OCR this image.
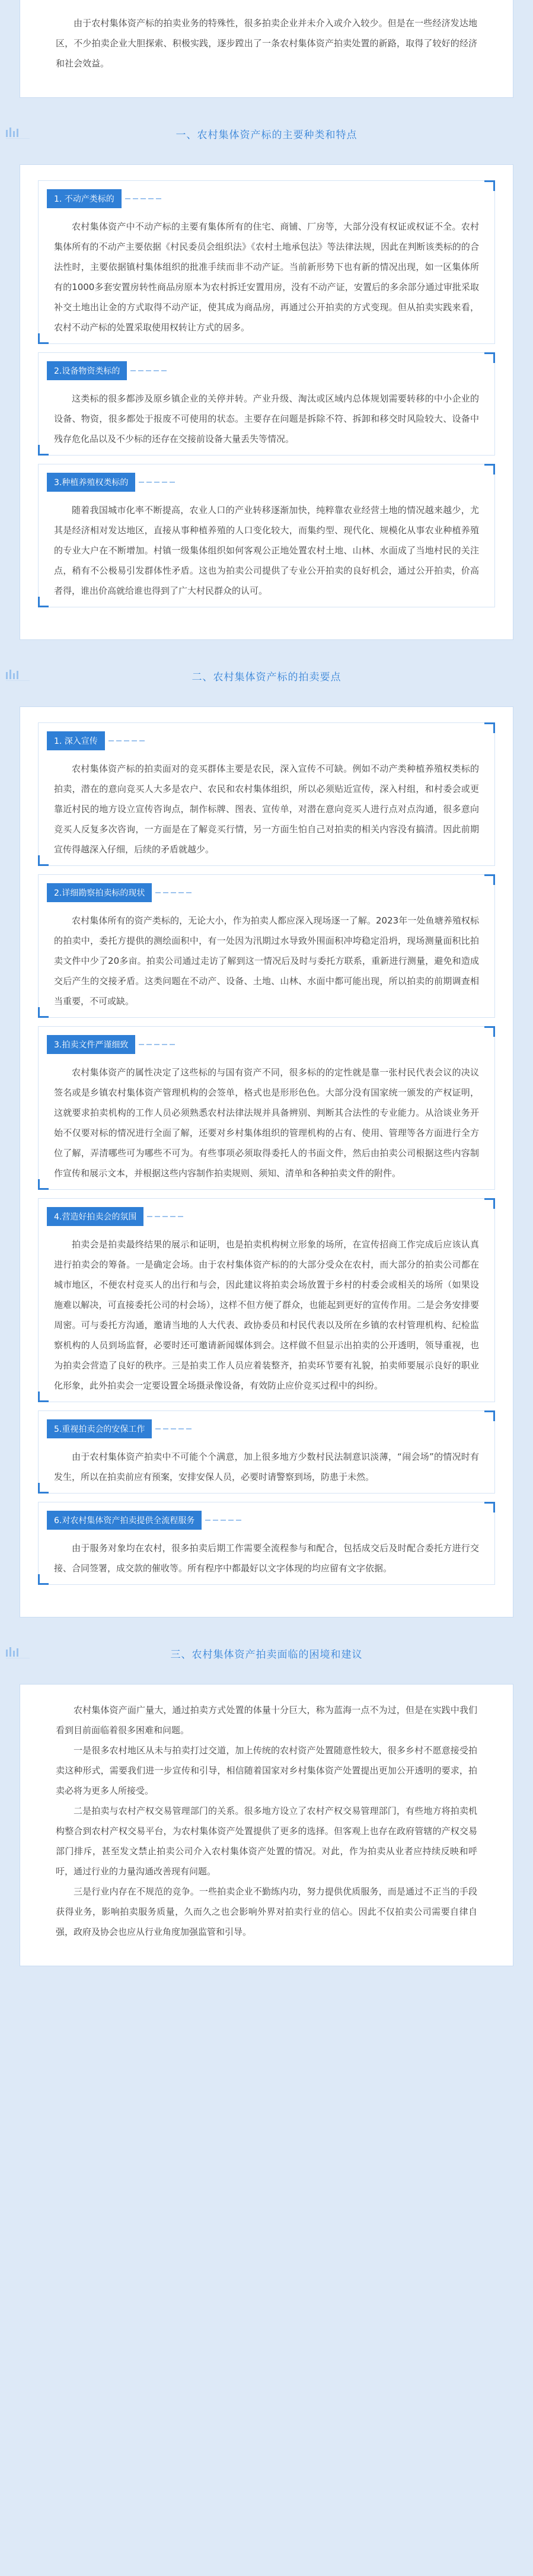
由于农村集体资产标的拍卖业务的特殊性，很多拍卖企业并未介入或介入较少。但是在一些经济发达地区，不少拍卖企业大胆探索、积极实践，逐步蹚出了一条农村集体资产拍卖处置的新路，取得了较好的经济和社会效益。

一、农村集体资产标的主要种类和特点
1. 不动产类标的

农村集体资产中不动产标的主要有集体所有的住宅、商铺、厂房等，大部分没有权证或权证不全。农村集体所有的不动产主要依据《村民委员会组织法》《农村土地承包法》等法律法规，因此在判断该类标的的合法性时，主要依据镇村集体组织的批准手续而非不动产证。当前新形势下也有新的情况出现，如一区集体所有的1000多套安置房转性商品房原本为农村拆迁安置用房，没有不动产证，安置后的多余部分通过审批采取补交土地出让金的方式取得不动产证，使其成为商品房，再通过公开拍卖的方式变现。但从拍卖实践来看，农村不动产标的处置采取使用权转让方式的居多。

2.设备物资类标的

这类标的很多都涉及原乡镇企业的关停并转。产业升级、淘汰或区域内总体规划需要转移的中小企业的设备、物资，很多都处于报废不可使用的状态。主要存在问题是拆除不符、拆卸和移交时风险较大、设备中残存危化品以及不少标的还存在交接前设备大量丢失等情况。

3.种植养殖权类标的

随着我国城市化率不断提高，农业人口的产业转移逐渐加快，纯粹靠农业经营土地的情况越来越少，尤其是经济相对发达地区，直接从事种植养殖的人口变化较大，而集约型、现代化、规模化从事农业种植养殖的专业大户在不断增加。村镇一级集体组织如何客观公正地处置农村土地、山林、水面成了当地村民的关注点，稍有不公极易引发群体性矛盾。这也为拍卖公司提供了专业公开拍卖的良好机会，通过公开拍卖，价高者得，谁出价高就给谁也得到了广大村民群众的认可。

二、农村集体资产标的拍卖要点
1. 深入宣传

农村集体资产标的拍卖面对的竞买群体主要是农民，深入宣传不可缺。例如不动产类种植养殖权类标的拍卖，潜在的意向竞买人大多是农户、农民和农村集体组织，所以必须贴近宣传，深入村组，和村委会或更靠近村民的地方设立宣传咨询点，制作标牌、图表、宣传单，对潜在意向竞买人进行点对点沟通，很多意向竞买人反复多次咨询，一方面是在了解竞买行情，另一方面生怕自己对拍卖的相关内容没有搞清。因此前期宣传得越深入仔细，后续的矛盾就越少。

2.详细勘察拍卖标的现状

农村集体所有的资产类标的，无论大小，作为拍卖人都应深入现场逐一了解。2023年一处鱼塘养殖权标的拍卖中，委托方提供的测绘面积中，有一处因为汛期过水导致外围面积冲垮稳定沿坍，现场测量面积比拍卖文件中少了20多亩。拍卖公司通过走访了解到这一情况后及时与委托方联系，重新进行测量，避免和造成交后产生的交接矛盾。这类问题在不动产、设备、土地、山林、水面中都可能出现，所以拍卖的前期调查相当重要，不可或缺。

3.拍卖文件严谨细致

农村集体资产的属性决定了这些标的与国有资产不同，很多标的的定性就是靠一张村民代表会议的决议签名或是乡镇农村集体资产管理机构的会签单，格式也是形形色色。大部分没有国家统一颁发的产权证明，这就要求拍卖机构的工作人员必须熟悉农村法律法规并具备辨别、判断其合法性的专业能力。从洽谈业务开始不仅要对标的情况进行全面了解，还要对乡村集体组织的管理机构的占有、使用、管理等各方面进行全方位了解，弄清哪些可为哪些不可为。有些事项必须取得委托人的书面文件，然后由拍卖公司根据这些内容制作宣传和展示文本，并根据这些内容制作拍卖规则、须知、清单和各种拍卖文件的附件。

4.营造好拍卖会的氛围

拍卖会是拍卖最终结果的展示和证明，也是拍卖机构树立形象的场所，在宣传招商工作完成后应该认真进行拍卖会的筹备。一是确定会场。由于农村集体资产标的的大部分受众在农村，而大部分的拍卖公司都在城市地区，不便农村竞买人的出行和与会，因此建议将拍卖会场放置于乡村的村委会或相关的场所（如果设施难以解决，可直接委托公司的村会场），这样不但方便了群众，也能起到更好的宣传作用。二是会务安排要周密。可与委托方沟通，邀请当地的人大代表、政协委员和村民代表以及所在乡镇的农村管理机构、纪检监察机构的人员到场监督，必要时还可邀请新闻媒体到会。这样做不但显示出拍卖的公开透明，领导重视，也为拍卖会营造了良好的秩序。三是拍卖工作人员应着装整齐，拍卖环节要有礼貌，拍卖师要展示良好的职业化形象，此外拍卖会一定要设置全场摄录像设备，有效防止应价竞买过程中的纠纷。

5.重视拍卖会的安保工作

由于农村集体资产拍卖中不可能个个满意，加上很多地方少数村民法制意识淡薄，“闹会场”的情况时有发生，所以在拍卖前应有预案，安排安保人员，必要时请警察到场，防患于未然。

6.对农村集体资产拍卖提供全流程服务

由于服务对象均在农村，很多拍卖后期工作需要全流程参与和配合，包括成交后及时配合委托方进行交接、合同签署，成交款的催收等。所有程序中都最好以文字体现的均应留有文字依据。

三、农村集体资产拍卖面临的困境和建议

农村集体资产面广量大，通过拍卖方式处置的体量十分巨大，称为蓝海一点不为过，但是在实践中我们看到目前面临着很多困难和问题。

一是很多农村地区从未与拍卖打过交道，加上传统的农村资产处置随意性较大，很多乡村不愿意接受拍卖这种形式，需要我们进一步宣传和引导，相信随着国家对乡村集体资产处置提出更加公开透明的要求，拍卖必将为更多人所接受。

二是拍卖与农村产权交易管理部门的关系。很多地方设立了农村产权交易管理部门，有些地方将拍卖机构整合到农村产权交易平台，为农村集体资产处置提供了更多的选择。但客观上也存在政府管辖的产权交易部门排斥，甚至发文禁止拍卖公司介入农村集体资产处置的情况。对此，作为拍卖从业者应持续反映和呼吁，通过行业的力量沟通改善现有问题。

三是行业内存在不规范的竞争。一些拍卖企业不勤练内功，努力提供优质服务，而是通过不正当的手段获得业务，影响拍卖服务质量，久而久之也会影响外界对拍卖行业的信心。因此不仅拍卖公司需要自律自强，政府及协会也应从行业角度加强监管和引导。
